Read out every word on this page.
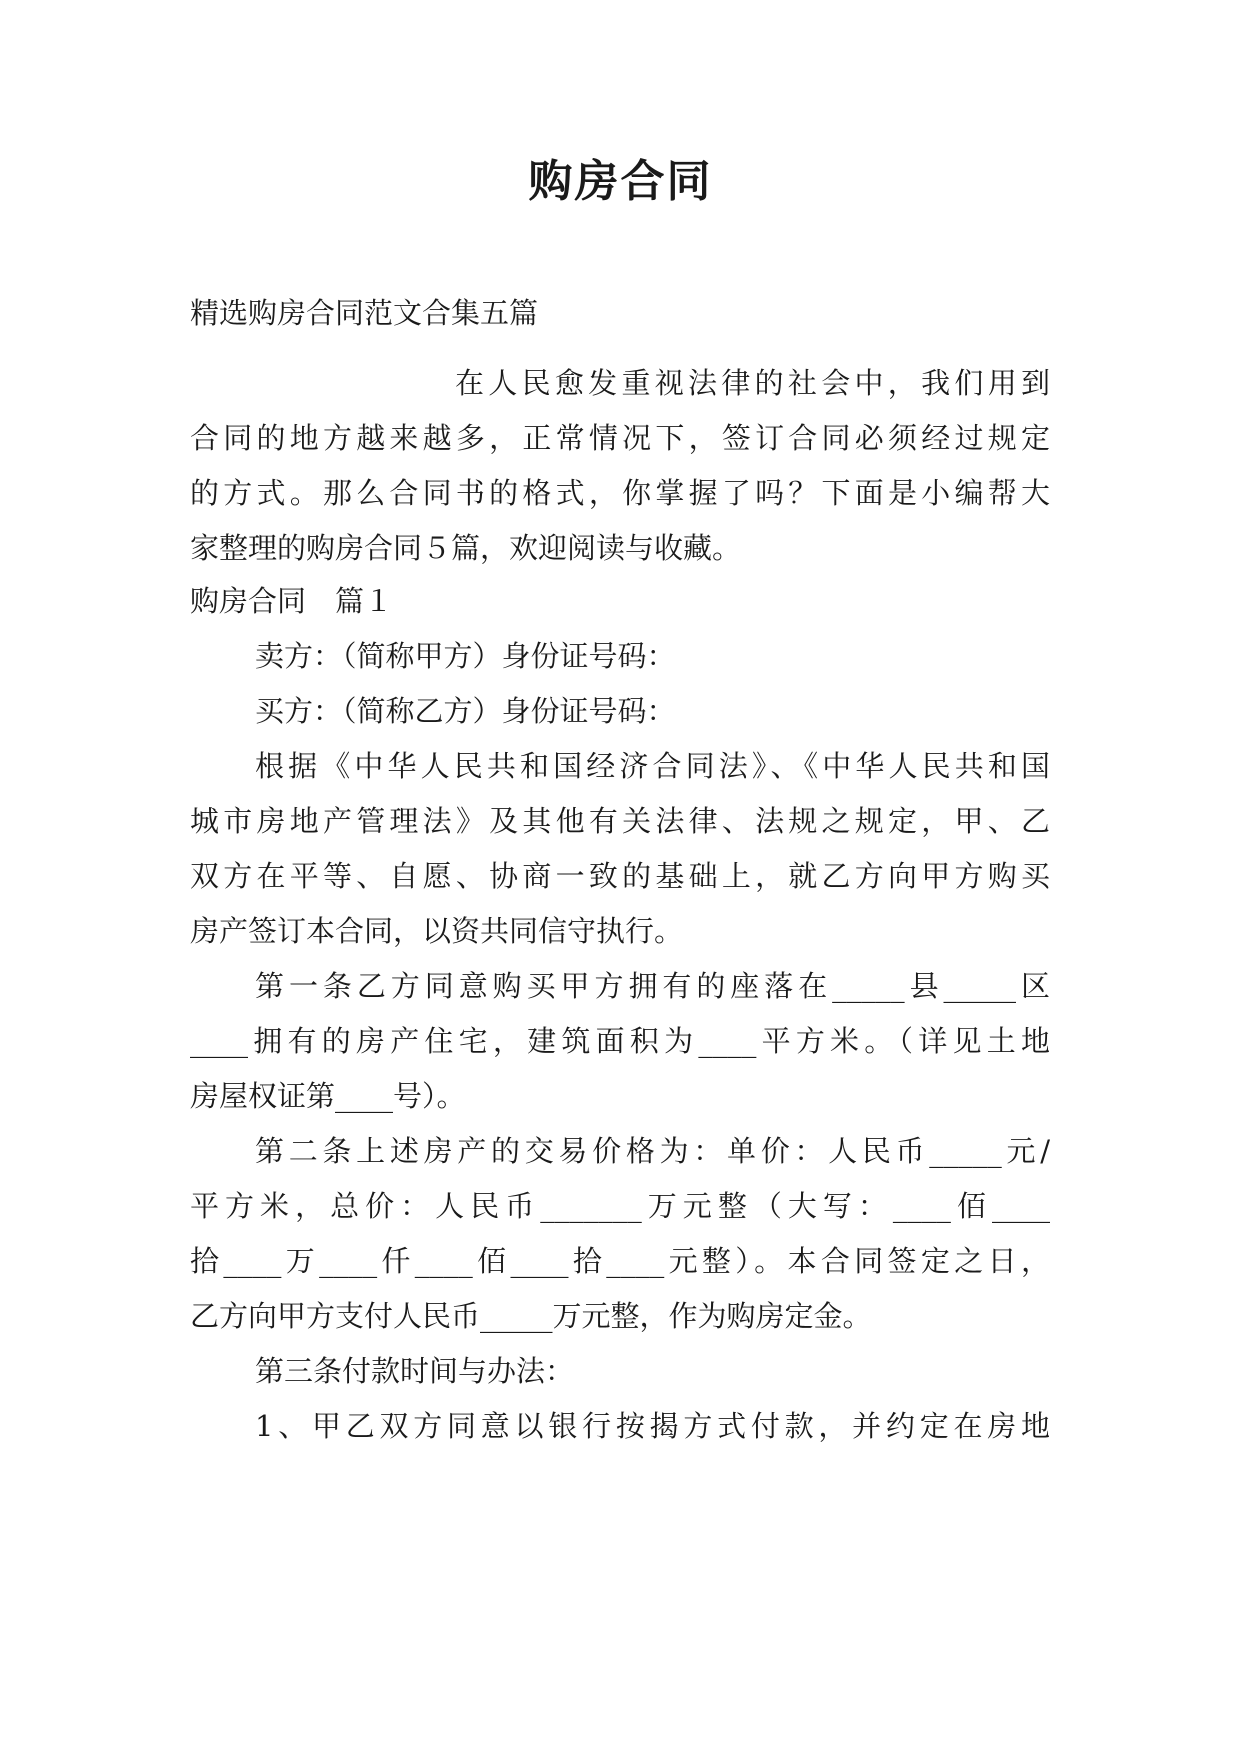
购房合同
精选购房合同范文合集五篇
在人民愈发重视法律的社会中，我们用到
合同的地方越来越多，正常情况下，签订合同必须经过规定
的方式。那么合同书的格式，你掌握了吗？下面是小编帮大
家整理的购房合同５篇，欢迎阅读与收藏。
购房合同　篇１
卖方：（简称甲方）身份证号码：
买方：（简称乙方）身份证号码：
根据《中华人民共和国经济合同法》、《中华人民共和国
城市房地产管理法》及其他有关法律、法规之规定，甲、乙
双方在平等、自愿、协商一致的基础上，就乙方向甲方购买
房产签订本合同，以资共同信守执行。
第一条乙方同意购买甲方拥有的座落在_____县_____区
____拥有的房产住宅，建筑面积为____平方米。（详见土地
房屋权证第____号）。
第二条上述房产的交易价格为：单价：人民币_____元/
平方米，总价：人民币_______万元整（大写：____佰____
拾____万____仟____佰____拾____元整）。本合同签定之日，
乙方向甲方支付人民币_____万元整，作为购房定金。
第三条付款时间与办法：
1、甲乙双方同意以银行按揭方式付款，并约定在房地
